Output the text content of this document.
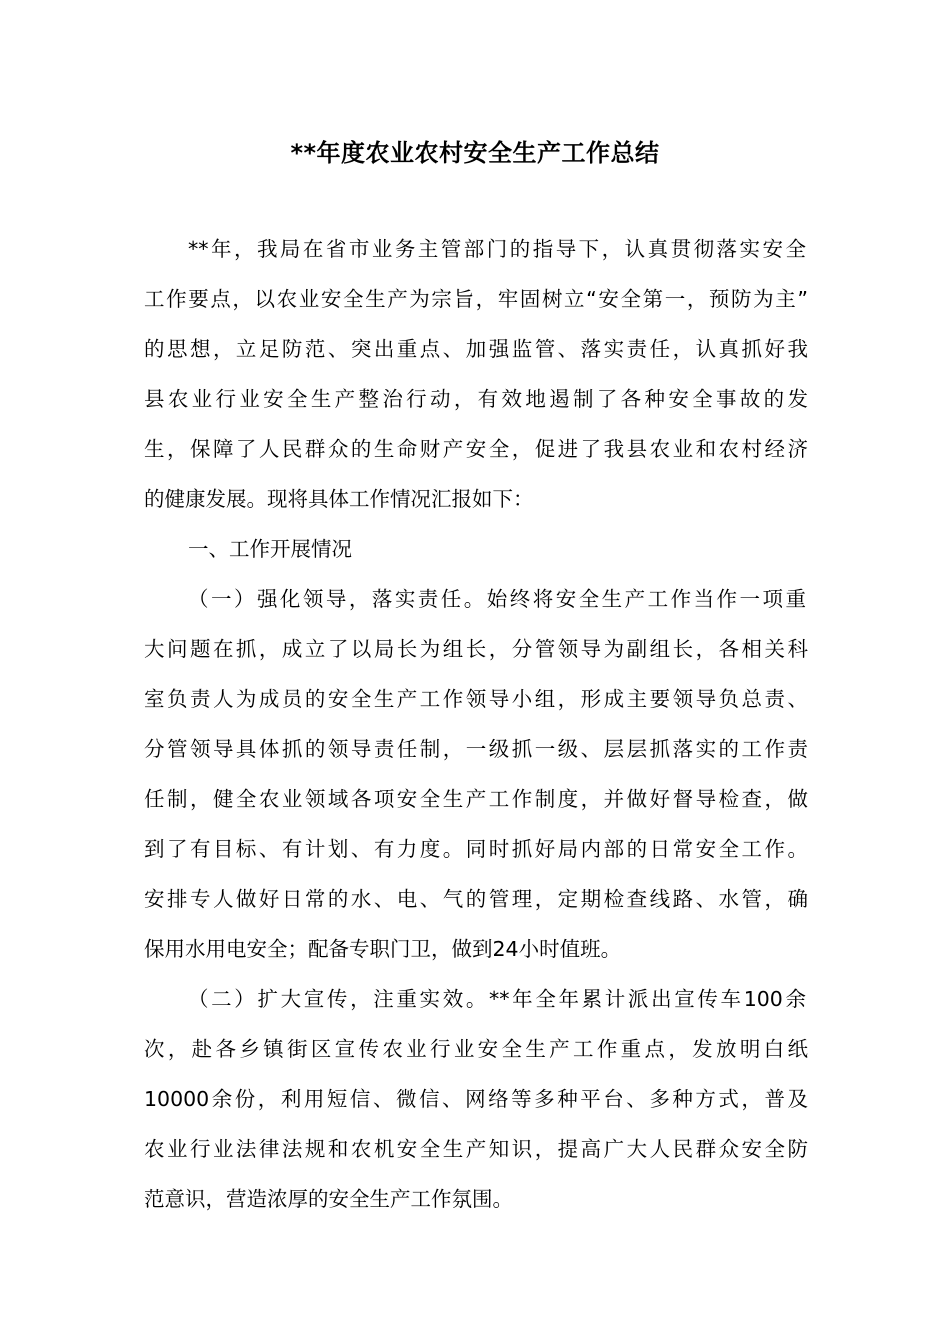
**年度农业农村安全生产工作总结
**年，我局在省市业务主管部门的指导下，认真贯彻落实安全
工作要点，以农业安全生产为宗旨，牢固树立“安全第一，预防为主”
的思想，立足防范、突出重点、加强监管、落实责任，认真抓好我
县农业行业安全生产整治行动，有效地遏制了各种安全事故的发
生，保障了人民群众的生命财产安全，促进了我县农业和农村经济
的健康发展。现将具体工作情况汇报如下：
一、工作开展情况
（一）强化领导，落实责任。始终将安全生产工作当作一项重
大问题在抓，成立了以局长为组长，分管领导为副组长，各相关科
室负责人为成员的安全生产工作领导小组，形成主要领导负总责、
分管领导具体抓的领导责任制，一级抓一级、层层抓落实的工作责
任制，健全农业领域各项安全生产工作制度，并做好督导检查，做
到了有目标、有计划、有力度。同时抓好局内部的日常安全工作。
安排专人做好日常的水、电、气的管理，定期检查线路、水管，确
保用水用电安全；配备专职门卫，做到24小时值班。
（二）扩大宣传，注重实效。**年全年累计派出宣传车100余
次，赴各乡镇街区宣传农业行业安全生产工作重点，发放明白纸
10000余份，利用短信、微信、网络等多种平台、多种方式，普及
农业行业法律法规和农机安全生产知识，提高广大人民群众安全防
范意识，营造浓厚的安全生产工作氛围。
